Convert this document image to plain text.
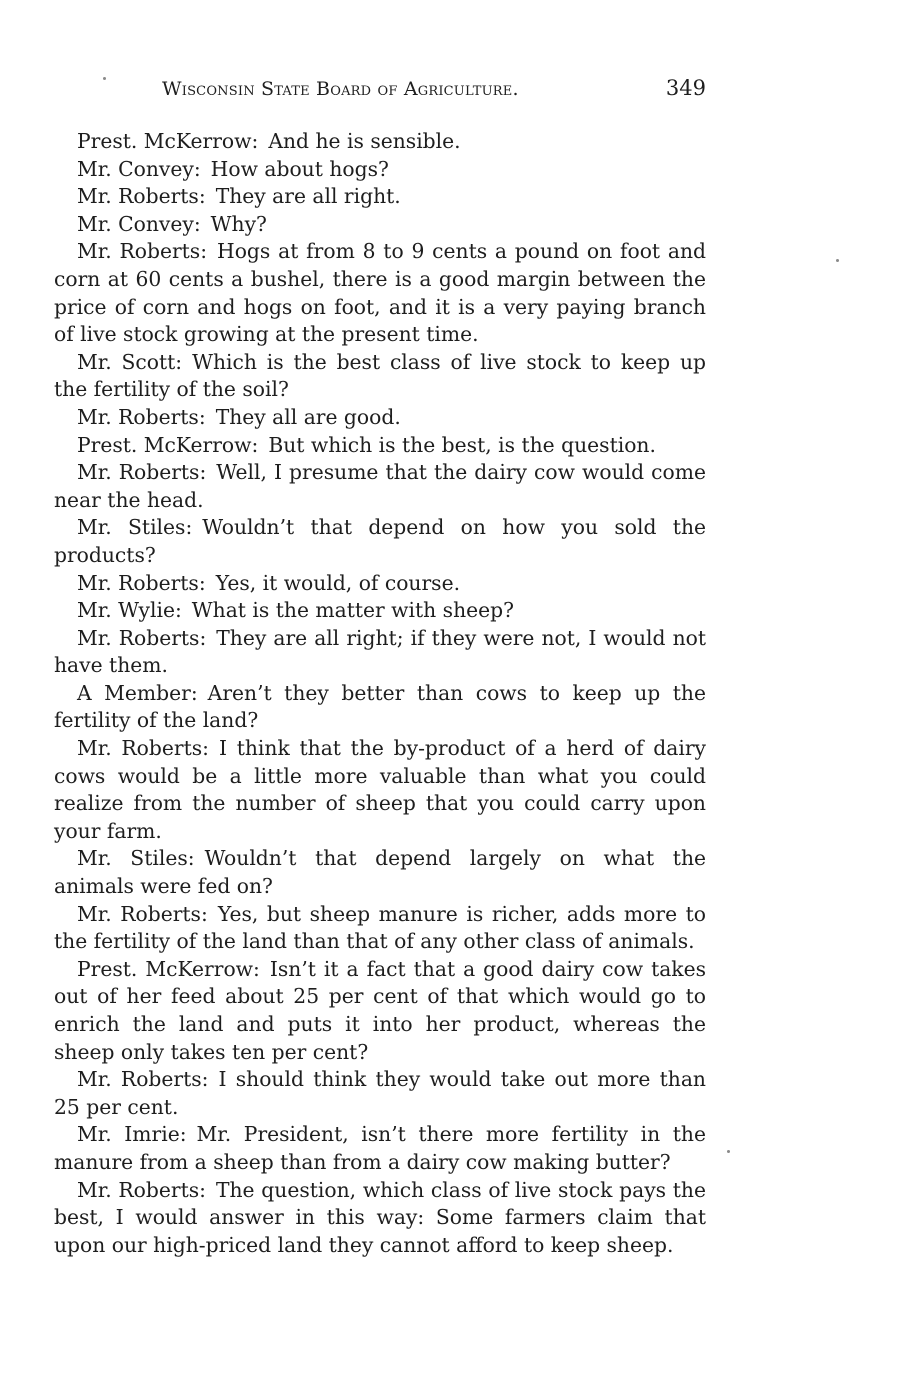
Wisconsin State Board of Agriculture.	349

Prest. McKerrow: And he is sensible.

Mr. Convey: How about hogs?

Mr. Roberts: They are all right.

Mr. Convey: Why?

Mr. Roberts: Hogs at from 8 to 9 cents a pound on foot and corn at 60 cents a bushel, there is a good margin between the price of corn and hogs on foot, and it is a very paying branch of live stock growing at the present time.

Mr. Scott: Which is the best class of live stock to keep up the fertility of the soil?

Mr. Roberts: They all are good.

Prest. McKerrow: But which is the best, is the question.

Mr. Roberts: Well, I presume that the dairy cow would come near the head.

Mr. Stiles: Wouldn’t that depend on how you sold the products?

Mr. Roberts: Yes, it would, of course.

Mr. Wylie: What is the matter with sheep?

Mr. Roberts: They are all right; if they were not, I would not have them.

A Member: Aren’t they better than cows to keep up the fertility of the land?

Mr. Roberts: I think that the by-product of a herd of dairy cows would be a little more valuable than what you could realize from the number of sheep that you could carry upon your farm.

Mr. Stiles: Wouldn’t that depend largely on what the animals were fed on?

Mr. Roberts: Yes, but sheep manure is richer, adds more to the fertility of the land than that of any other class of animals.

Prest. McKerrow: Isn’t it a fact that a good dairy cow takes out of her feed about 25 per cent of that which would go to enrich the land and puts it into her product, whereas the sheep only takes ten per cent?

Mr. Roberts: I should think they would take out more than 25 per cent.

Mr. Imrie: Mr. President, isn’t there more fertility in the manure from a sheep than from a dairy cow making butter?

Mr. Roberts: The question, which class of live stock pays the best, I would answer in this way: Some farmers claim that upon our high-priced land they cannot afford to keep sheep.
